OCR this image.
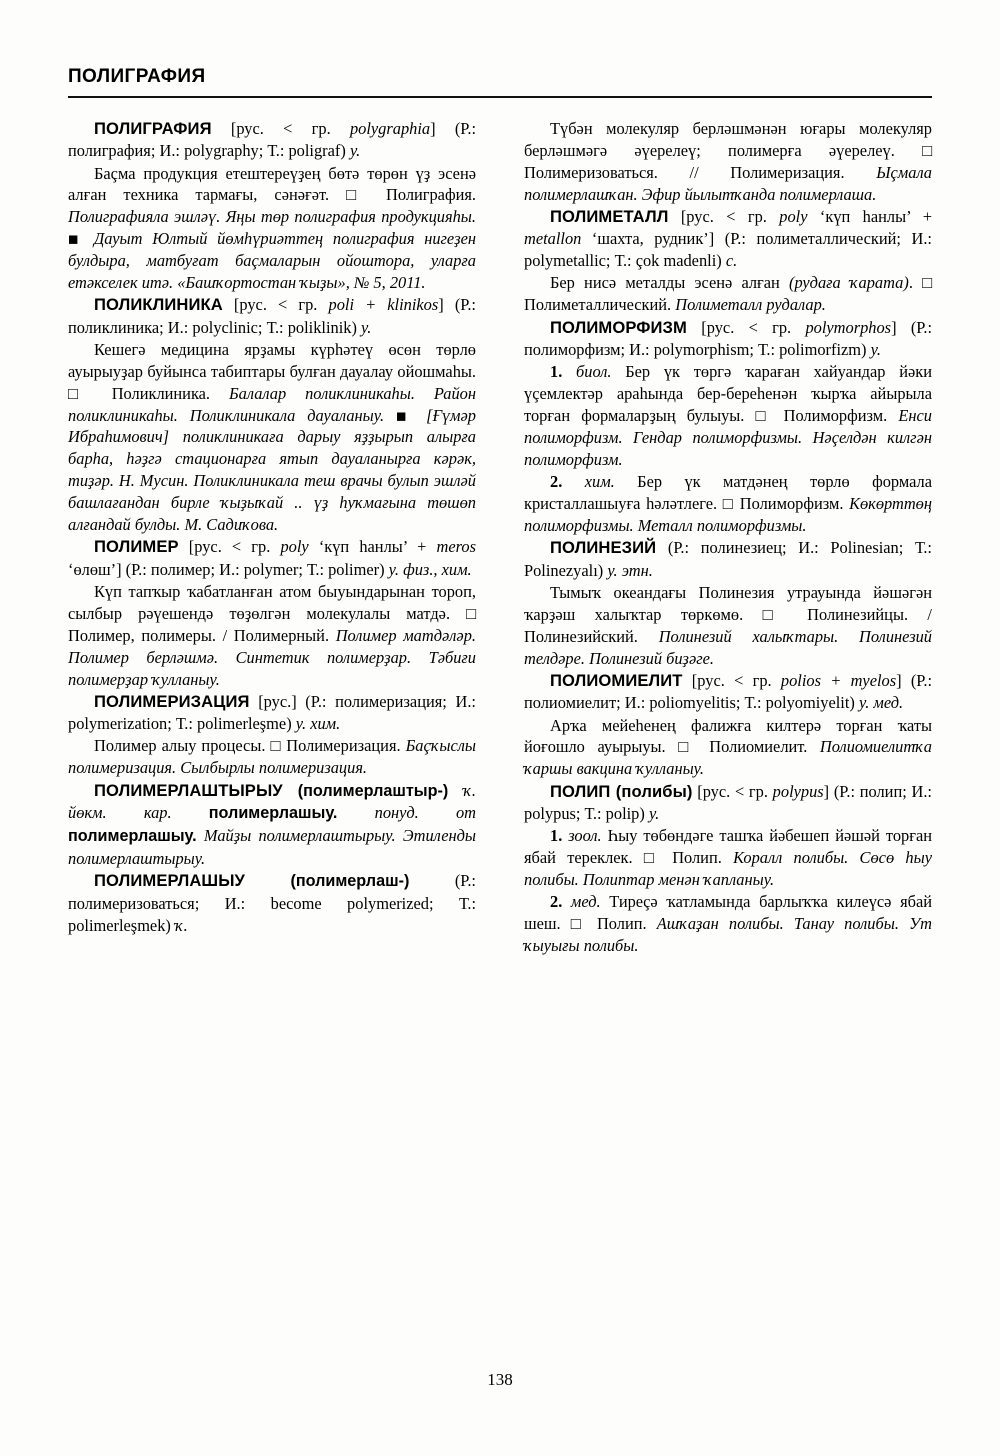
ПОЛИГРАФИЯ

ПОЛИГРАФИЯ [рус. < гр. polygraphia] (Р.: полиграфия; И.: polygraphy; Т.: poligraf) у.

Баçма продукция етештереүҙең бөтә төрөн үҙ эсенә алған техника тармағы, сәнәғәт. □ Полиграфия. Полиграфияла эшләү. Яңы төр полиграфия продукцияһы. ■ Дауыт Юлтый йөмһүриәттең полиграфия нигеҙен булдыра, матбуғат баçмаларын ойоштора, уларға етәкселек итә. «Башҡортостан ҡыҙы», № 5, 2011.

ПОЛИКЛИНИКА [рус. < гр. poli + klinikos] (Р.: поликлиника; И.: polyclinic; Т.: poliklinik) у.

Кешегә медицина ярҙамы күрһәтеү өсөн төрлө ауырыуҙар буйынса табиптары булған дауалау ойошмаһы. □ Поликлиника. Балалар поликлиникаһы. Район поликлиникаһы. Поликлиникала дауаланыу. ■ [Ғүмәр Ибраһимович] поликлиникаға дарыу яҙҙырып алырға барһа, һәҙгә стационарға ятып дауаланырға кәрәк, тиҙәр. Н. Мусин. Поликлиникала теш врачы булып эшләй башлағандан бирле ҡыҙыҡай .. үҙ һуҡмағына төшөп алғандай булды. М. Садиҡова.

ПОЛИМЕР [рус. < гр. poly ‘күп һанлы’ + meros ‘өлөш’] (Р.: полимер; И.: polymer; Т.: polimer) у. физ., хим.

Күп тапҡыр ҡабатланған атом быуындарынан тороп, сылбыр рәүешендә төҙөлгән молекулалы матдә. □ Полимер, полимеры. / Полимерный. Полимер матдәләр. Полимер берләшмә. Синтетик полимерҙар. Тәбиғи полимерҙар ҡулланыу.

ПОЛИМЕРИЗАЦИЯ [рус.] (Р.: полимеризация; И.: polymerization; Т.: polimerleşme) у. хим.

Полимер алыу процесы. □ Полимеризация. Баçҡыслы полимеризация. Сылбырлы полимеризация.

ПОЛИМЕРЛАШТЫРЫУ (полимерлаштыр-) ҡ. йөкм. кар. полимерлашыу. понуд. от полимерлашыу. Майҙы полимерлаштырыу. Этиленды полимерлаштырыу.

ПОЛИМЕРЛАШЫУ (полимерлаш-) (Р.: полимеризоваться; И.: become polymerized; Т.: polimerleşmek) ҡ.

Түбән молекуляр берләшмәнән юғары молекуляр берләшмәгә әүерелеү; полимерға әүерелеү. □ Полимеризоваться. // Полимеризация. Ыçмала полимерлашҡан. Эфир йылытҡанда полимерлаша.

ПОЛИМЕТАЛЛ [рус. < гр. poly ‘күп һанлы’ + metallon ‘шахта, рудник’] (Р.: полиметаллический; И.: polymetallic; Т.: çok madenli) с.

Бер нисә металды эсенә алған (рудаға ҡарата). □ Полиметаллический. Полиметалл рудалар.

ПОЛИМОРФИЗМ [рус. < гр. polymorphos] (Р.: полиморфизм; И.: polymorphism; Т.: polimorfizm) у.

1. биол. Бер үк төргә ҡараған хайуандар йәки үçемлектәр араһында бер-береһенән ҡырҡа айырыла торған формаларҙың булыуы. □ Полиморфизм. Енси полиморфизм. Гендар полиморфизмы. Нәçелдән килгән полиморфизм.

2. хим. Бер үк матдәнең төрлө формала кристаллашыуға һәләтлеге. □ Полиморфизм. Көкөрттөң полиморфизмы. Металл полиморфизмы.

ПОЛИНЕЗИЙ (Р.: полинезиец; И.: Polinesian; Т.: Polinezyalı) у. этн.

Тымыҡ океандағы Полинезия утрауында йәшәгән ҡарҙәш халыҡтар төркөмө. □ Полинезийцы. / Полинезийский. Полинезий халыҡтары. Полинезий телдәре. Полинезий биҙәге.

ПОЛИОМИЕЛИТ [рус. < гр. polios + myelos] (Р.: полиомиелит; И.: poliomyelitis; Т.: polyomiyelit) у. мед.

Арҡа мейеһенең фалижға килтерә торған ҡаты йоғошло ауырыуы. □ Полиомиелит. Полиомиелитҡа ҡаршы вакцина ҡулланыу.

ПОЛИП (полибы) [рус. < гр. polypus] (Р.: полип; И.: polypus; Т.: polip) у.

1. зоол. Һыу төбөндәге ташҡа йәбешеп йәшәй торған ябай тереклек. □ Полип. Коралл полибы. Сөсө һыу полибы. Полиптар менән ҡапланыу.

2. мед. Тиреçә ҡатламында барлыҡҡа килеүсә ябай шеш. □ Полип. Ашҡаҙан полибы. Танау полибы. Ут ҡыуығы полибы.

138
